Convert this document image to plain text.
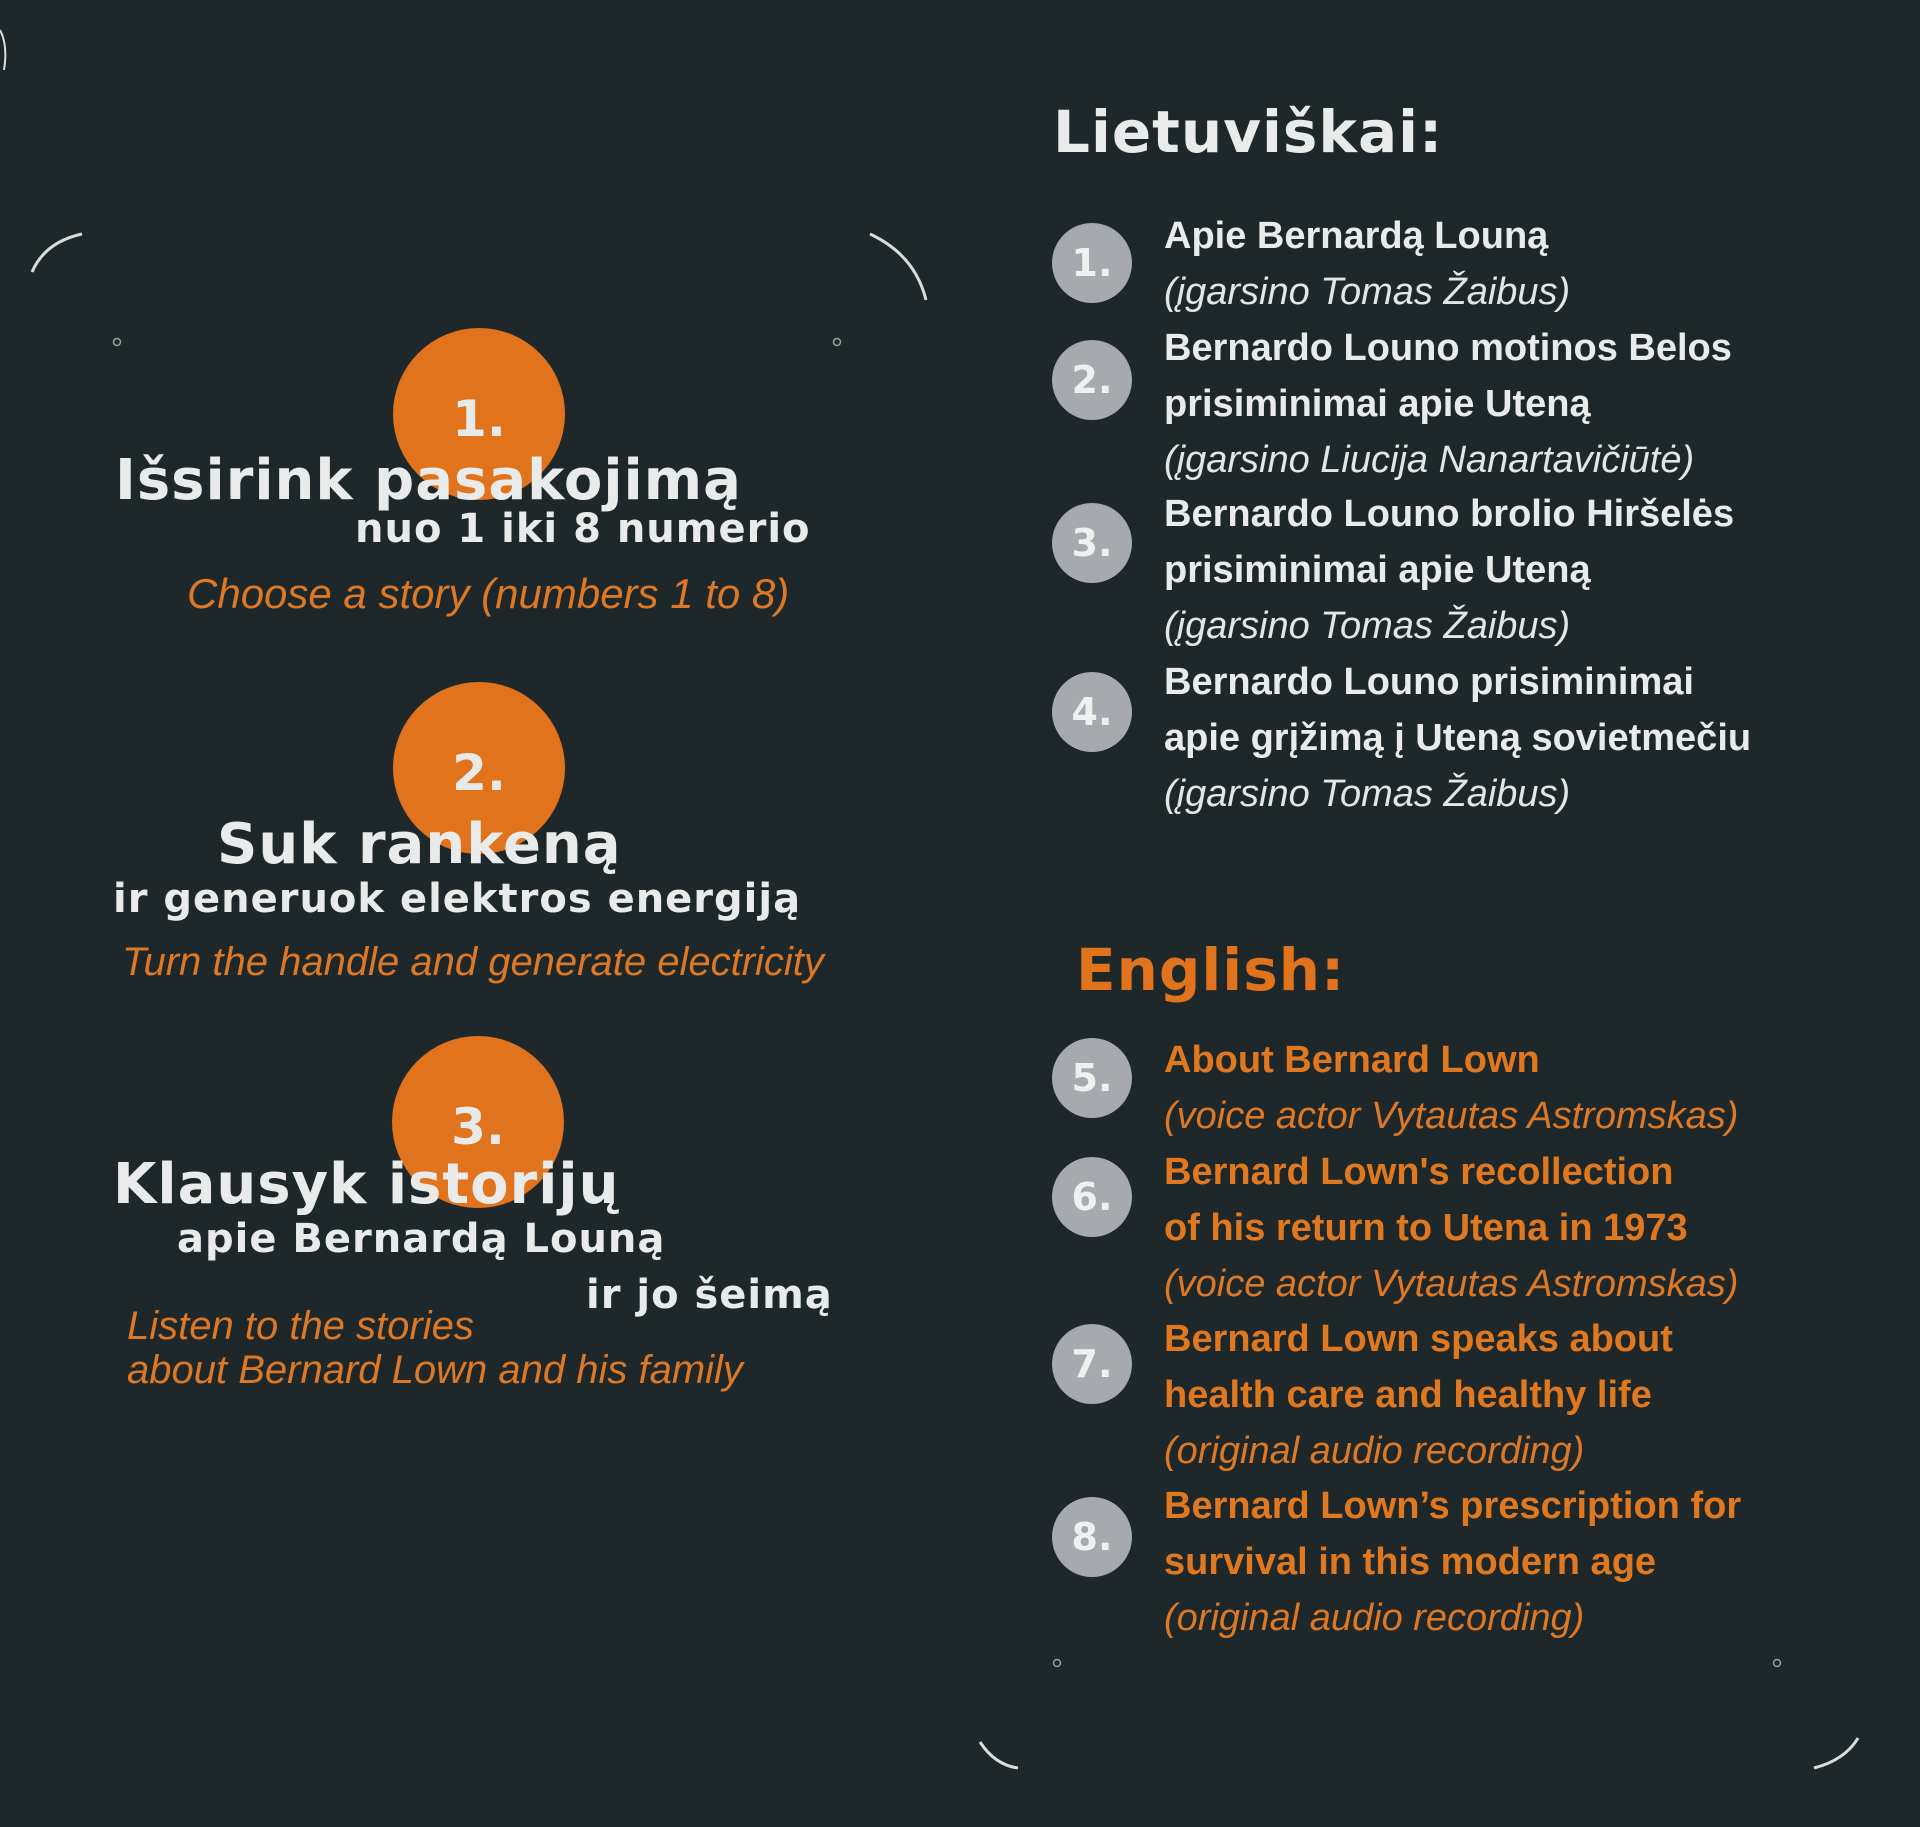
1.
Išsirink pasakojimą
nuo 1 iki 8 numerio
Choose a story (numbers 1 to 8)
2.
Suk rankeną
ir generuok elektros energiją
Turn the handle and generate electricity
3.
Klausyk istorijų
apie Bernardą Louną
ir jo šeimą
Listen to the stories
about Bernard Lown and his family
Lietuviškai:
1.
Apie Bernardą Louną
(įgarsino Tomas Žaibus)
2.
Bernardo Louno motinos Belos
prisiminimai apie Uteną
(įgarsino Liucija Nanartavičiūtė)
3.
Bernardo Louno brolio Hiršelės
prisiminimai apie Uteną
(įgarsino Tomas Žaibus)
4.
Bernardo Louno prisiminimai
apie grįžimą į Uteną sovietmečiu
(įgarsino Tomas Žaibus)
English:
5.	About Bernard Lown
(voice actor Vytautas Astromskas)
6.
Bernard Lown's recollection
of his return to Utena in 1973
(voice actor Vytautas Astromskas)
7.
Bernard Lown speaks about
health care and healthy life
(original audio recording)
8.
Bernard Lown’s prescription for
survival in this modern age
(original audio recording)
